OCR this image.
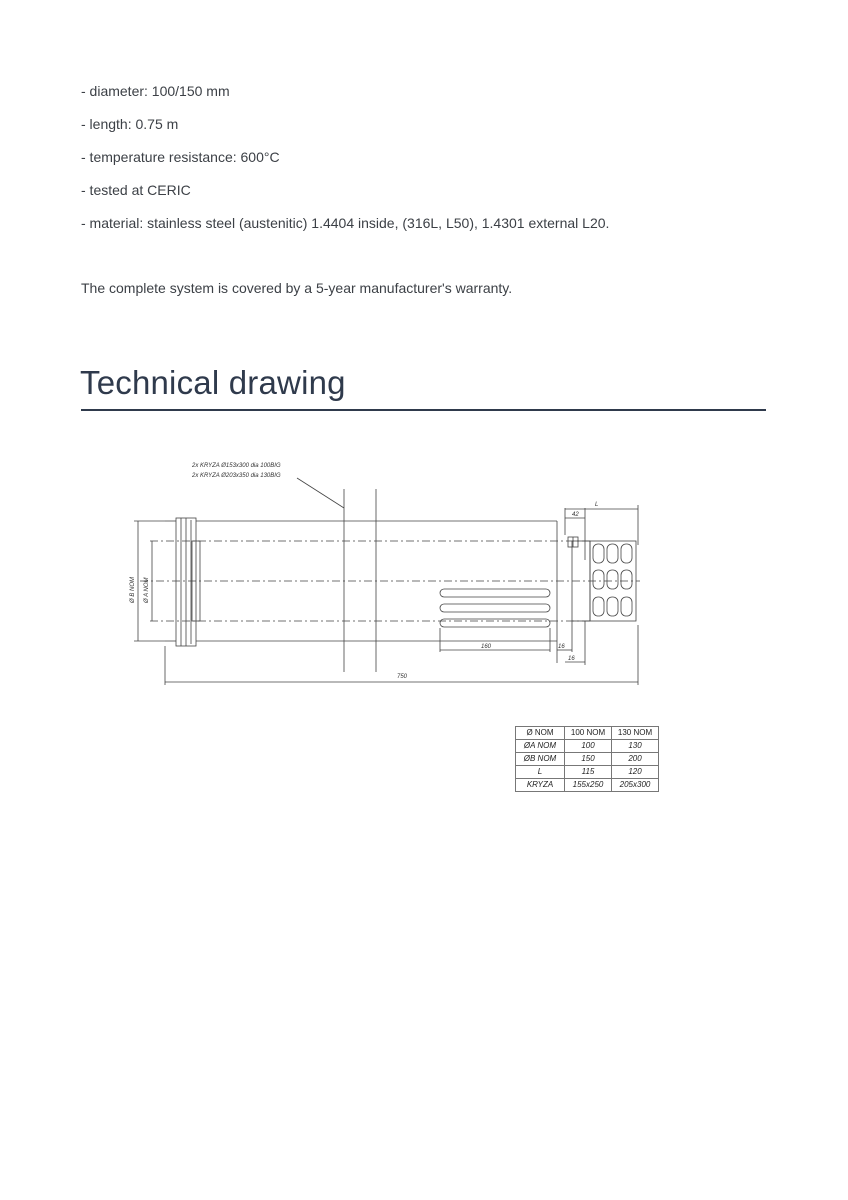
- diameter: 100/150 mm
- length: 0.75 m
- temperature resistance: 600°C
- tested at CERIC
- material: stainless steel (austenitic) 1.4404 inside, (316L, L50), 1.4301 external L20.

The complete system is covered by a 5-year manufacturer's warranty.

Technical drawing
2x KRYZA Ø153x300 dia 100BIG
2x KRYZA Ø203x350 dia 130BIG
Ø B NOM Ø A NOM
L
42
160	16
16
750
Ø NOM	100 NOM	130 NOM
ØA NOM	100	130
ØB NOM	150	200
L	115	120
KRYZA	155x250	205x300
